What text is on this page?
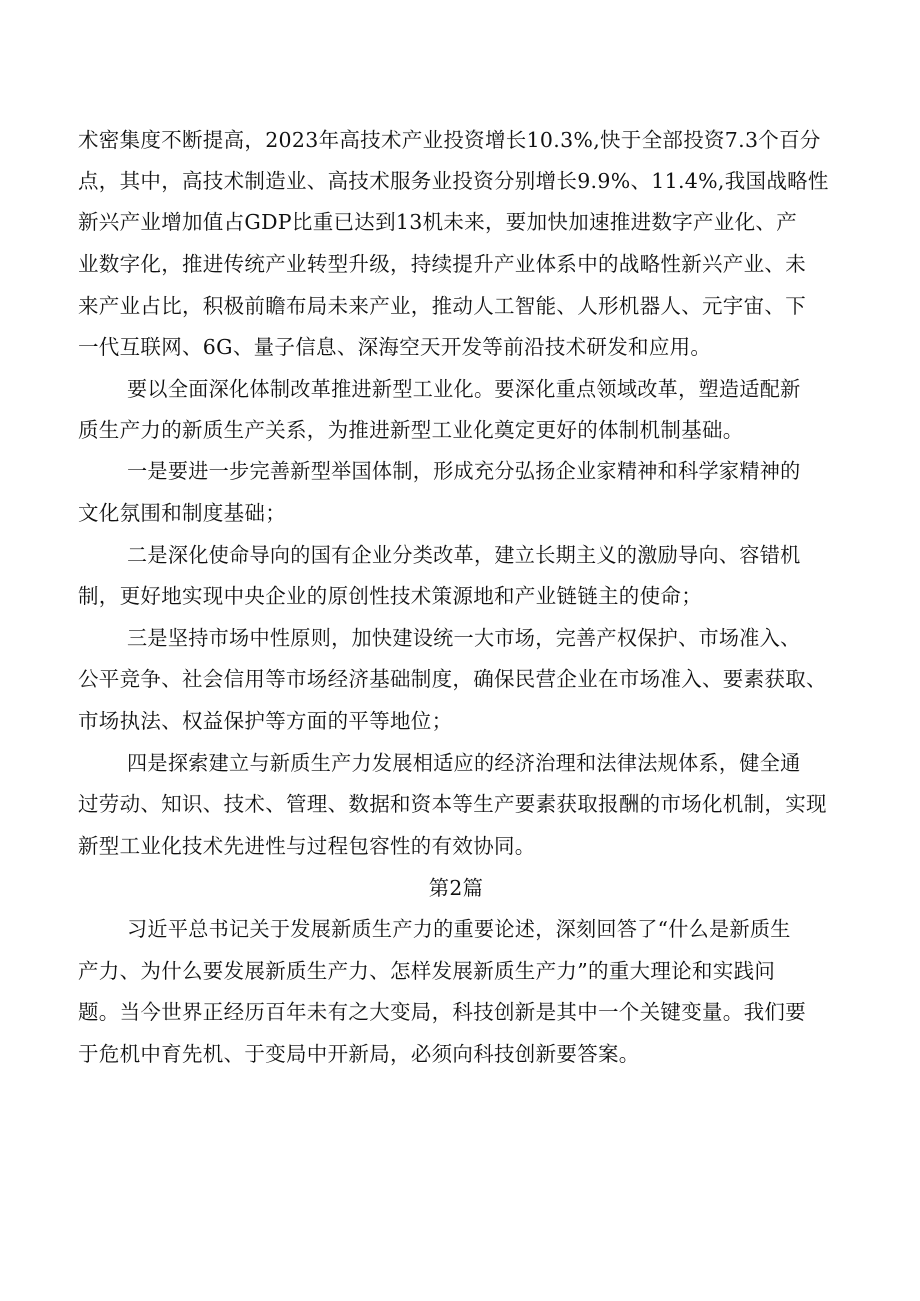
术密集度不断提高，2023年高技术产业投资增长10.3%,快于全部投资7.3个百分
点，其中，高技术制造业、高技术服务业投资分别增长9.9%、11.4%,我国战略性
新兴产业增加值占GDP比重已达到13机未来，要加快加速推进数字产业化、产
业数字化，推进传统产业转型升级，持续提升产业体系中的战略性新兴产业、未
来产业占比，积极前瞻布局未来产业，推动人工智能、人形机器人、元宇宙、下
一代互联网、6G、量子信息、深海空天开发等前沿技术研发和应用。
要以全面深化体制改革推进新型工业化。要深化重点领域改革，塑造适配新
质生产力的新质生产关系，为推进新型工业化奠定更好的体制机制基础。
一是要进一步完善新型举国体制，形成充分弘扬企业家精神和科学家精神的
文化氛围和制度基础；
二是深化使命导向的国有企业分类改革，建立长期主义的激励导向、容错机
制，更好地实现中央企业的原创性技术策源地和产业链链主的使命；
三是坚持市场中性原则，加快建设统一大市场，完善产权保护、市场准入、
公平竞争、社会信用等市场经济基础制度，确保民营企业在市场准入、要素获取、
市场执法、权益保护等方面的平等地位；
四是探索建立与新质生产力发展相适应的经济治理和法律法规体系，健全通
过劳动、知识、技术、管理、数据和资本等生产要素获取报酬的市场化机制，实现
新型工业化技术先进性与过程包容性的有效协同。
第2篇
习近平总书记关于发展新质生产力的重要论述，深刻回答了“什么是新质生
产力、为什么要发展新质生产力、怎样发展新质生产力”的重大理论和实践问
题。当今世界正经历百年未有之大变局，科技创新是其中一个关键变量。我们要
于危机中育先机、于变局中开新局，必须向科技创新要答案。
